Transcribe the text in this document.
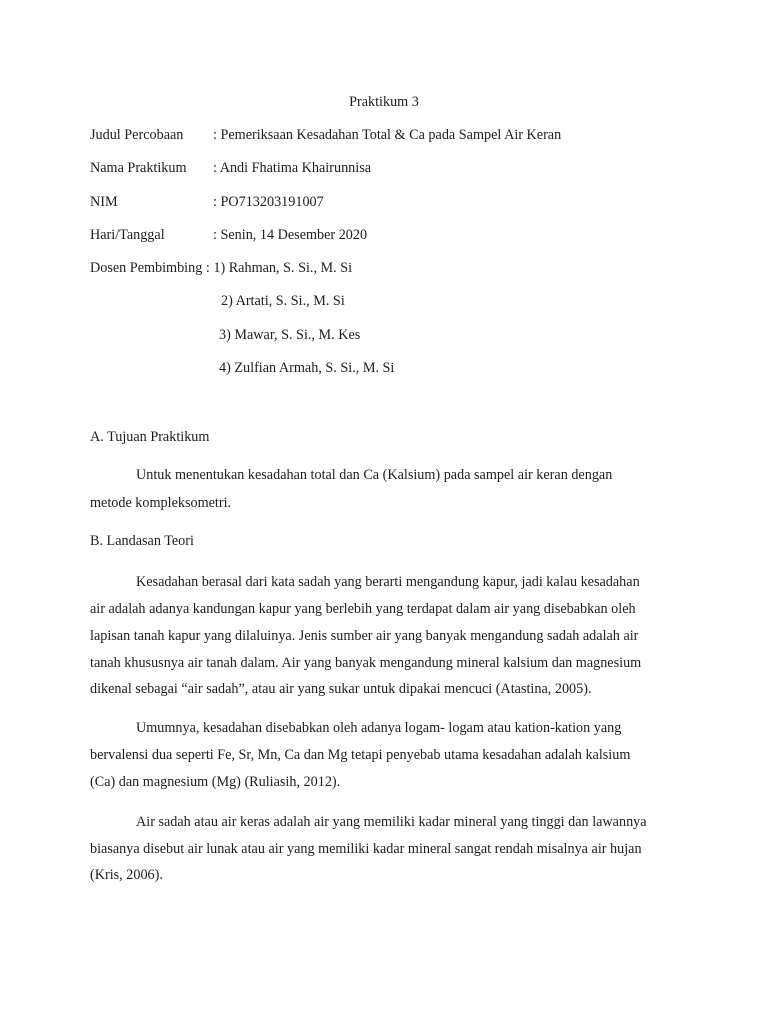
Praktikum 3
Judul Percobaan : Pemeriksaan Kesadahan Total & Ca pada Sampel Air Keran
Nama Praktikum : Andi Fhatima Khairunnisa
NIM	: PO713203191007
Hari/Tanggal	: Senin, 14 Desember 2020
Dosen Pembimbing : 1) Rahman, S. Si., M. Si
2) Artati, S. Si., M. Si
3) Mawar, S. Si., M. Kes
4) Zulfian Armah, S. Si., M. Si
A. Tujuan Praktikum
Untuk menentukan kesadahan total dan Ca (Kalsium) pada sampel air keran dengan
metode kompleksometri.
B. Landasan Teori
Kesadahan berasal dari kata sadah yang berarti mengandung kapur, jadi kalau kesadahan
air adalah adanya kandungan kapur yang berlebih yang terdapat dalam air yang disebabkan oleh
lapisan tanah kapur yang dilaluinya. Jenis sumber air yang banyak mengandung sadah adalah air
tanah khususnya air tanah dalam. Air yang banyak mengandung mineral kalsium dan magnesium
dikenal sebagai “air sadah”, atau air yang sukar untuk dipakai mencuci (Atastina, 2005).
Umumnya, kesadahan disebabkan oleh adanya logam- logam atau kation-kation yang
bervalensi dua seperti Fe, Sr, Mn, Ca dan Mg tetapi penyebab utama kesadahan adalah kalsium
(Ca) dan magnesium (Mg) (Ruliasih, 2012).
Air sadah atau air keras adalah air yang memiliki kadar mineral yang tinggi dan lawannya
biasanya disebut air lunak atau air yang memiliki kadar mineral sangat rendah misalnya air hujan
(Kris, 2006).
